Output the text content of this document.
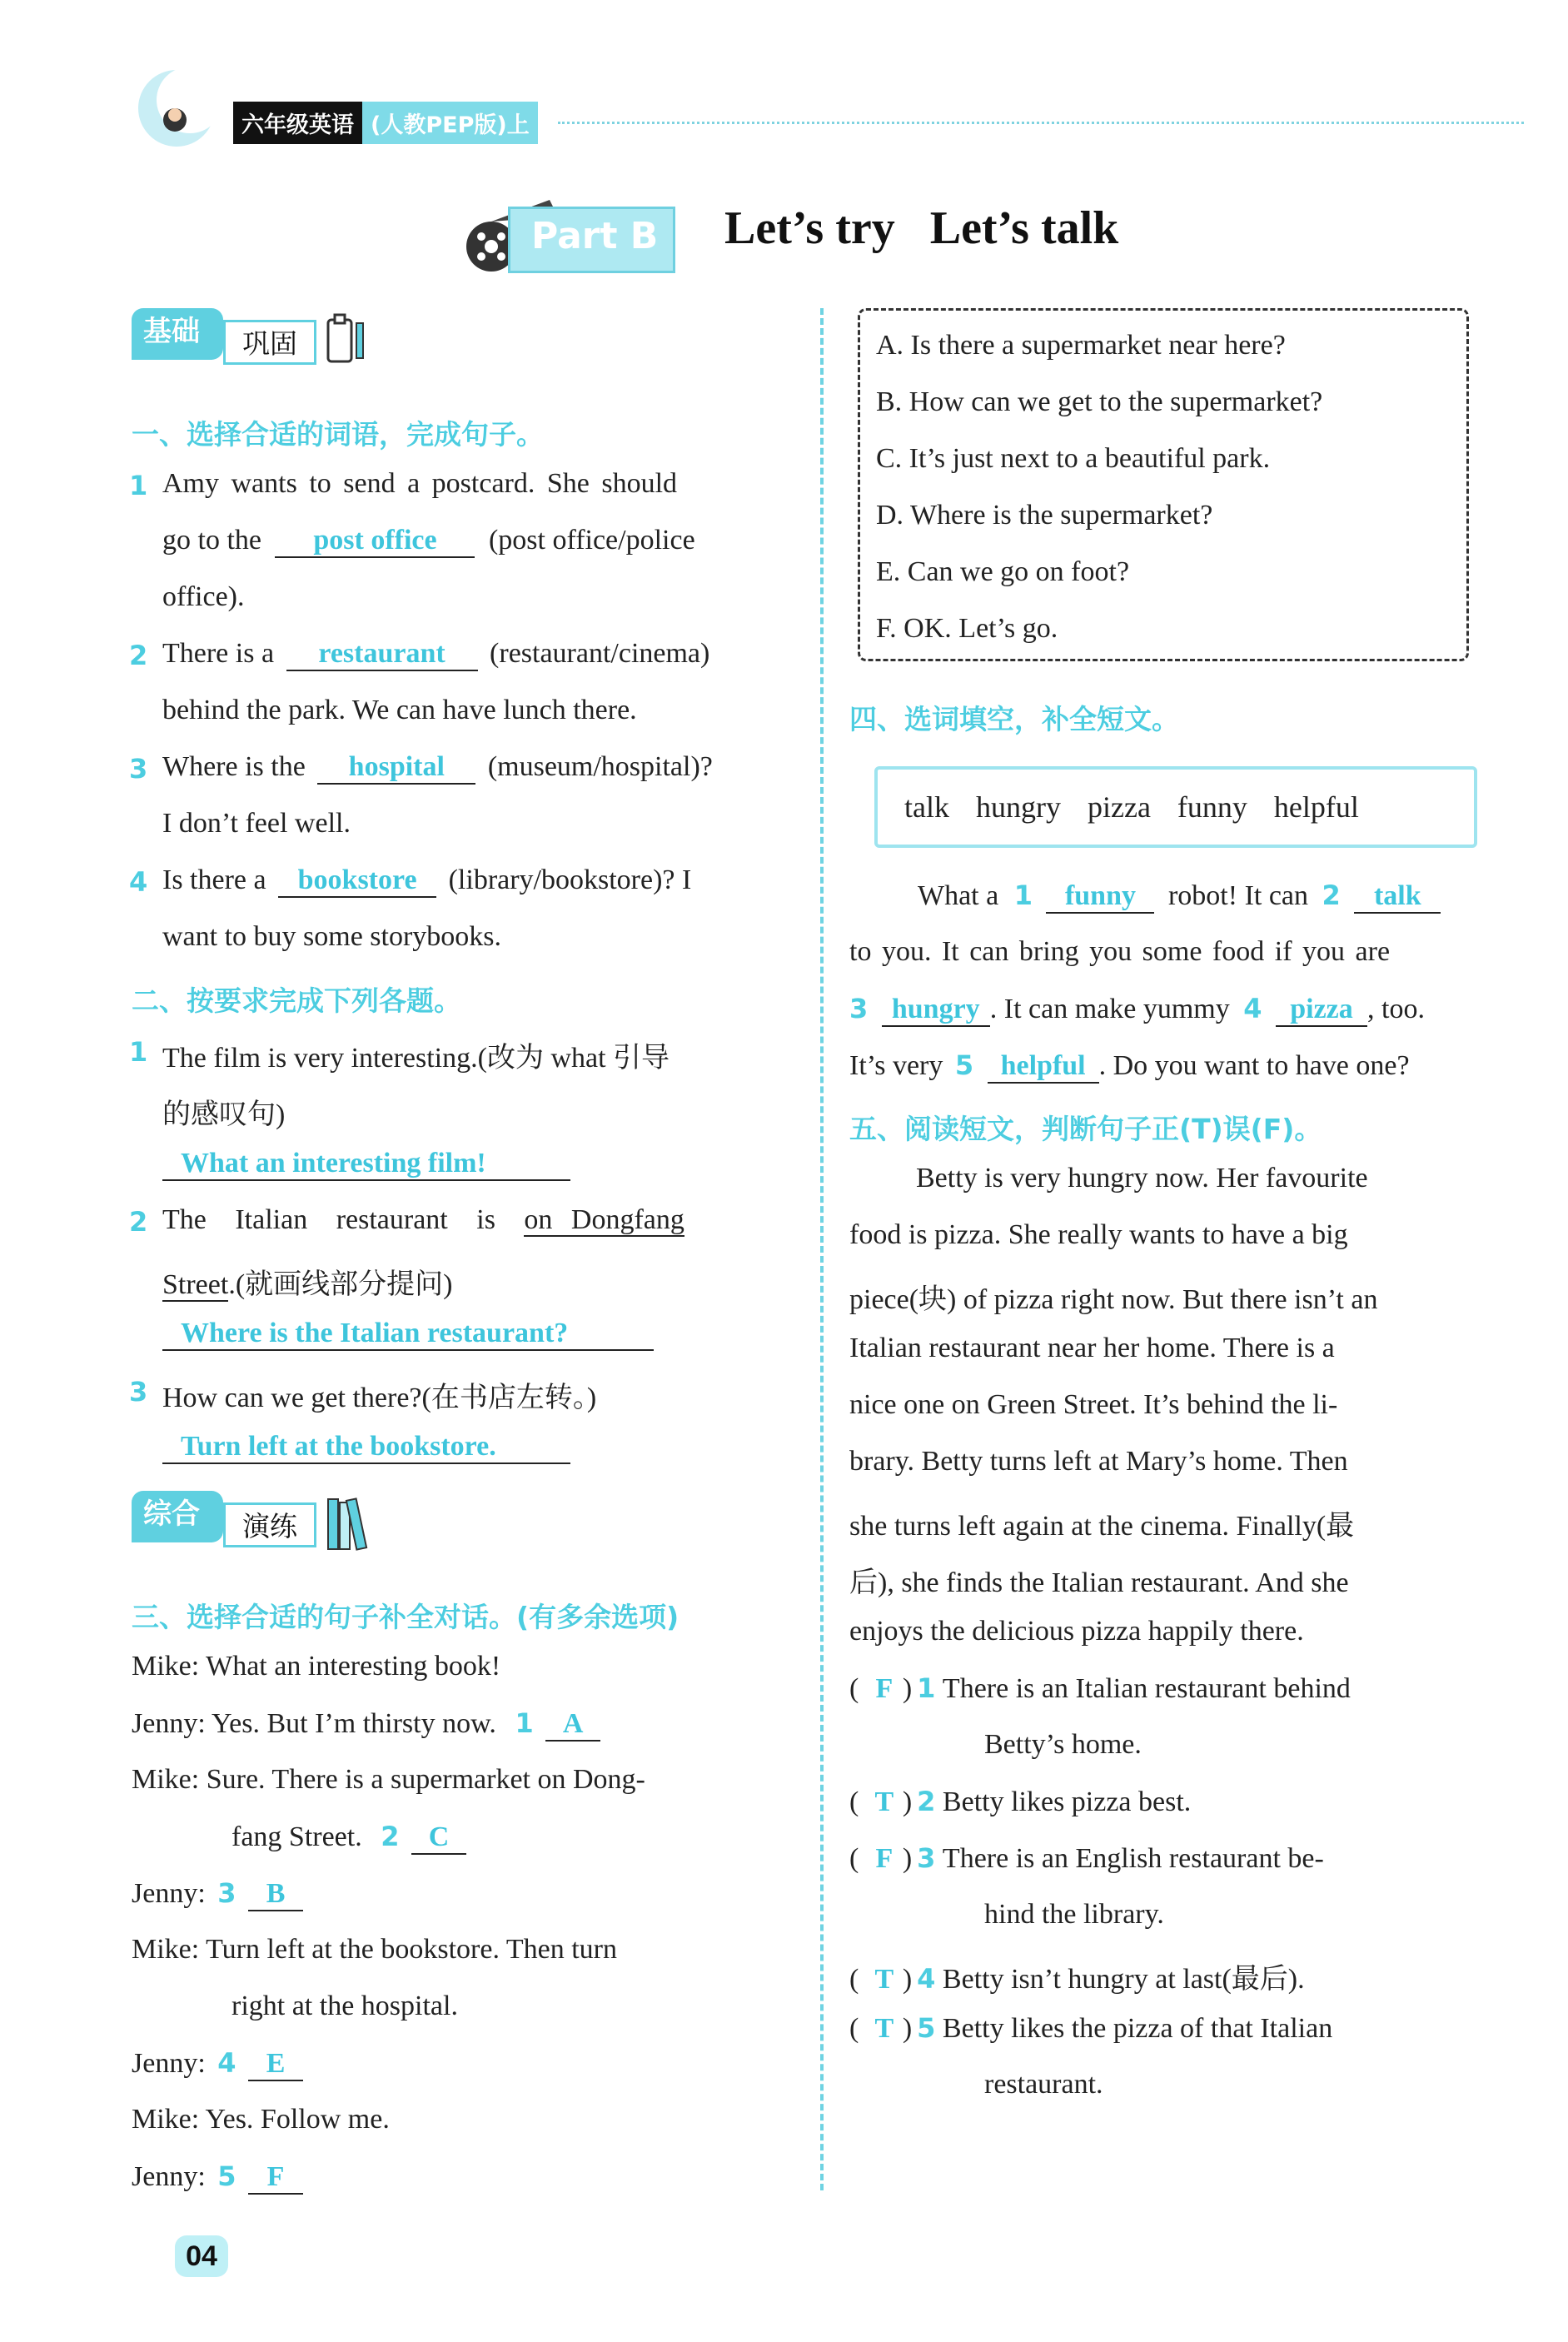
六年级英语 (人教PEP版)上
Part B Let’s try   Let’s talk
基础	巩固
一、选择合适的词语，完成句子。
1 Amy wants to send a postcard. She should
go to the post office (post office/police
office).
2 There is a restaurant (restaurant/cinema)
behind the park. We can have lunch there.
3 Where is the hospital (museum/hospital)?
I don’t feel well.
4 Is there a bookstore (library/bookstore)? I
want to buy some storybooks.
二、按要求完成下列各题。
1 The film is very interesting.(改为 what 引导
的感叹句)
What an interesting film!
2 The Italian restaurant is on Dongfang
Street.(就画线部分提问)
Where is the Italian restaurant?
3 How can we get there?(在书店左转。)
Turn left at the bookstore.
综合	演练
三、选择合适的句子补全对话。(有多余选项)
Mike: What an interesting book!
Jenny: Yes. But I’m thirsty now. 1 A
Mike: Sure. There is a supermarket on Dong-
fang Street. 2 C
Jenny: 3 B
Mike: Turn left at the bookstore. Then turn
right at the hospital.
Jenny: 4 E
Mike: Yes. Follow me.
Jenny: 5 F
A. Is there a supermarket near here?
B. How can we get to the supermarket?
C. It’s just next to a beautiful park.
D. Where is the supermarket?
E. Can we go on foot?
F. OK. Let’s go.
四、选词填空，补全短文。
talk hungry pizza funny helpful
What a 1 funny robot! It can 2 talk
to you. It can bring you some food if you are
3 hungry . It can make yummy 4 pizza , too.
It’s very 5 helpful . Do you want to have one?
五、阅读短文，判断句子正(T)误(F)。
Betty is very hungry now. Her favourite
food is pizza. She really wants to have a big
piece(块) of pizza right now. But there isn’t an
Italian restaurant near her home. There is a
nice one on Green Street. It’s behind the li-
brary. Betty turns left at Mary’s home. Then
she turns left again at the cinema. Finally(最
后), she finds the Italian restaurant. And she
enjoys the delicious pizza happily there.
( F ) 1 There is an Italian restaurant behind
Betty’s home.
( T ) 2 Betty likes pizza best.
( F ) 3 There is an English restaurant be-
hind the library.
( T ) 4 Betty isn’t hungry at last(最后).
( T ) 5 Betty likes the pizza of that Italian
restaurant.
04
